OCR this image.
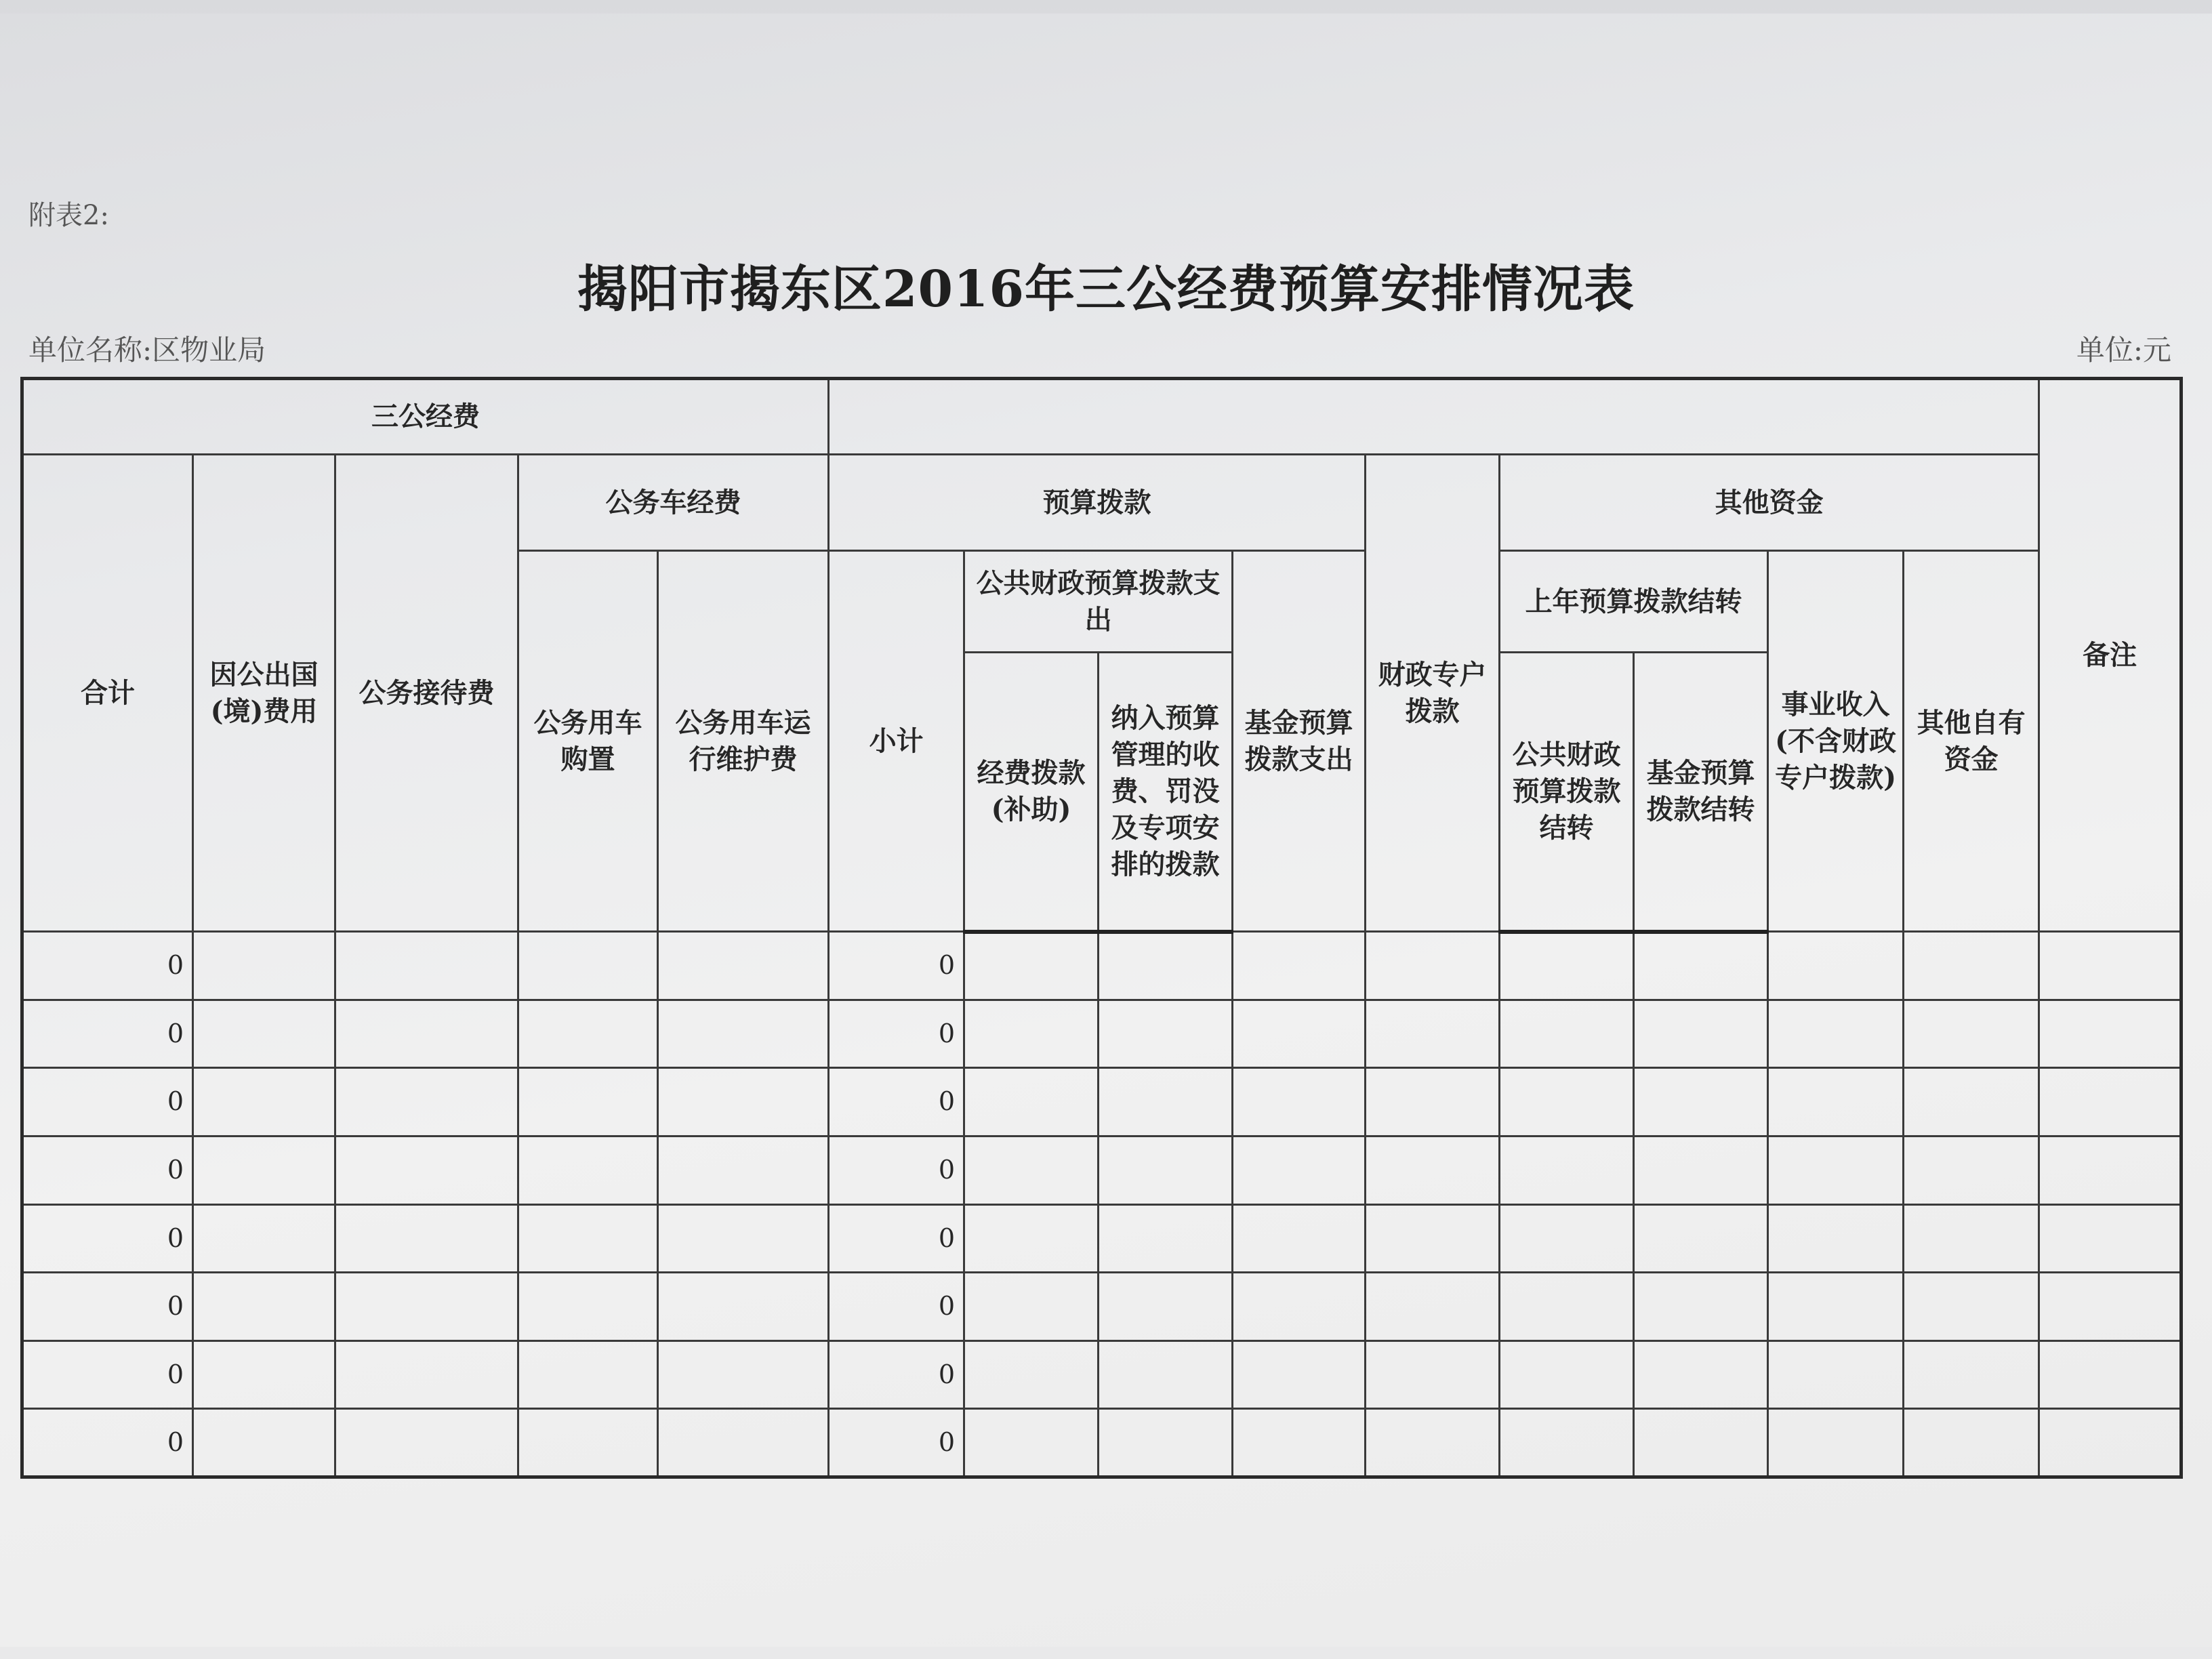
附表2:
揭阳市揭东区2016年三公经费预算安排情况表
单位名称:区物业局	单位:元
三公经费														备注
合计	因公出国(境)费用	公务接待费	公务车经费		预算拨款				财政专户拨款	其他资金				
			公务用车购置	公务用车运行维护费	小计	公共财政预算拨款支出		基金预算拨款支出		上年预算拨款结转		事业收入(不含财政专户拨款)	其他自有资金	
						经费拨款(补助)	纳入预算管理的收费、罚没及专项安排的拨款			公共财政预算拨款结转	基金预算拨款结转			
0					0									
0					0									
0					0									
0					0									
0					0									
0					0									
0					0									
0					0									
